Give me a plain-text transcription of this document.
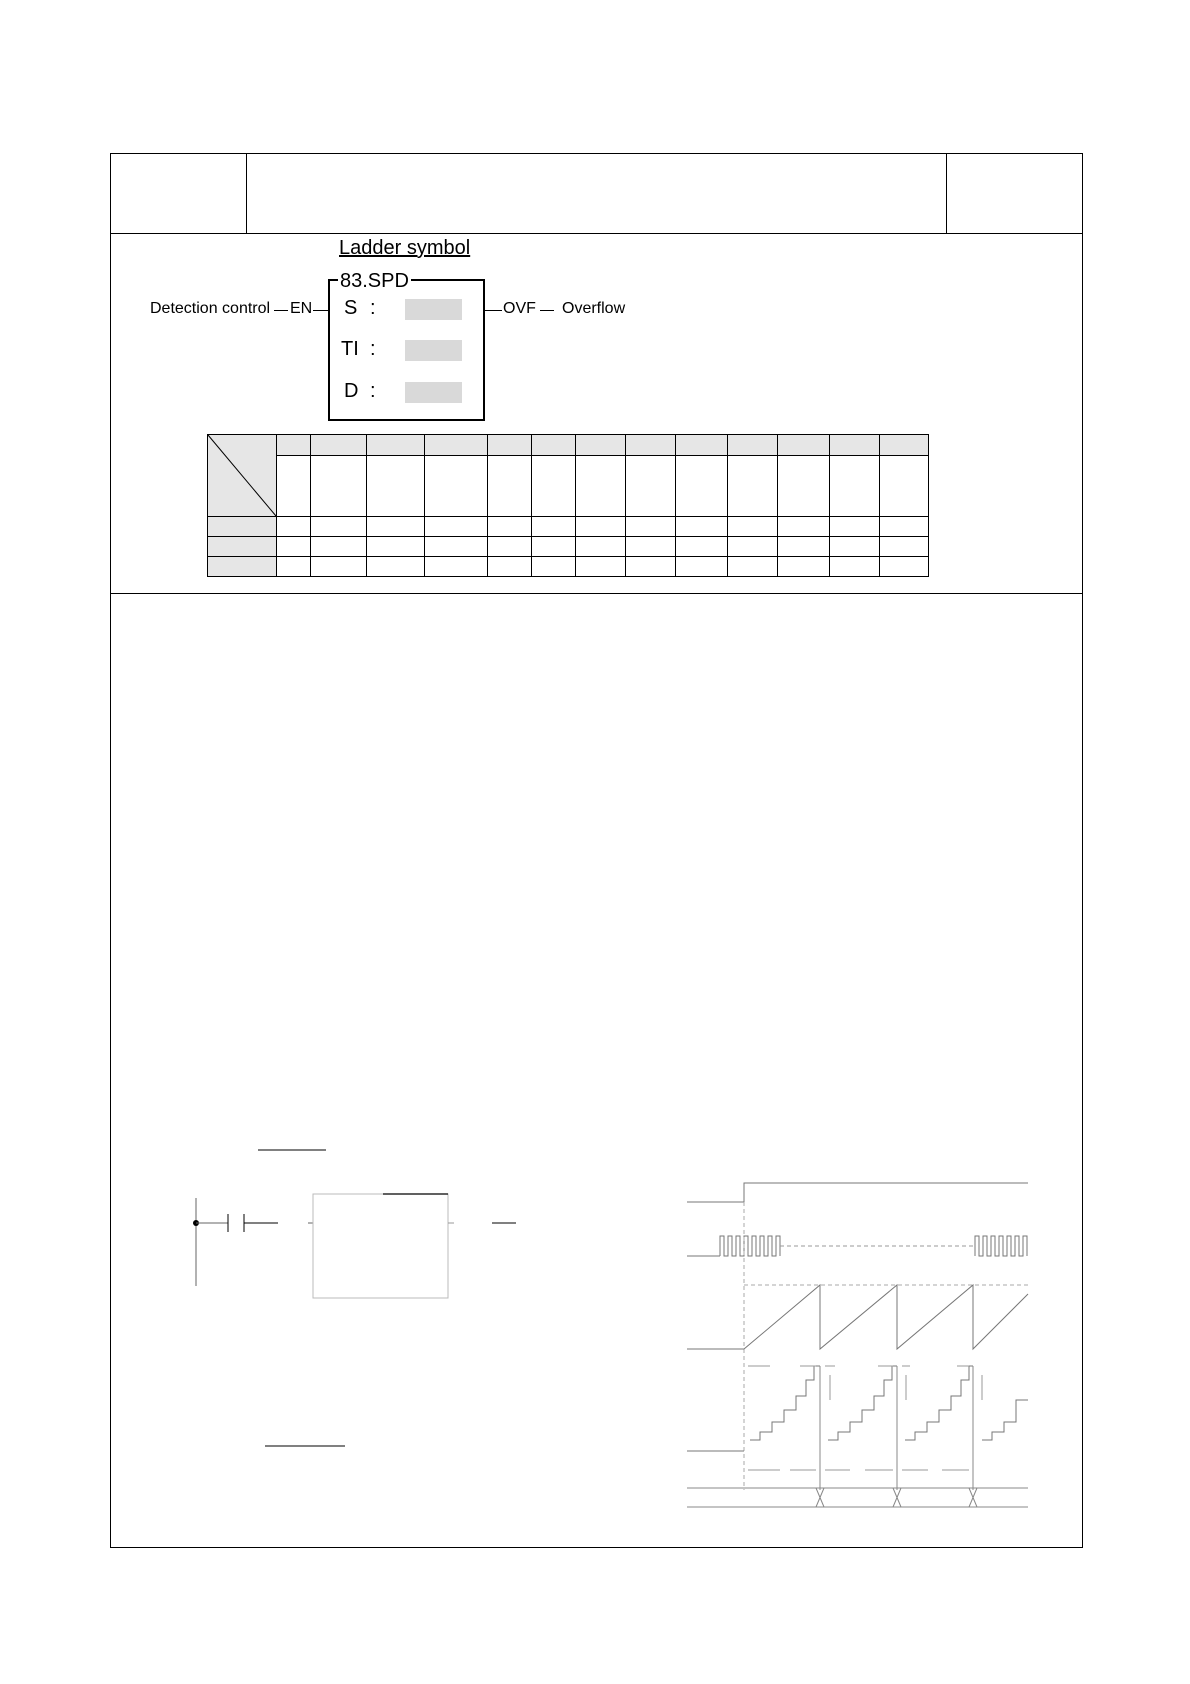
Ladder symbol
83.SPD
Detection control EN	OVF Overflow
S :
TI :
D :
